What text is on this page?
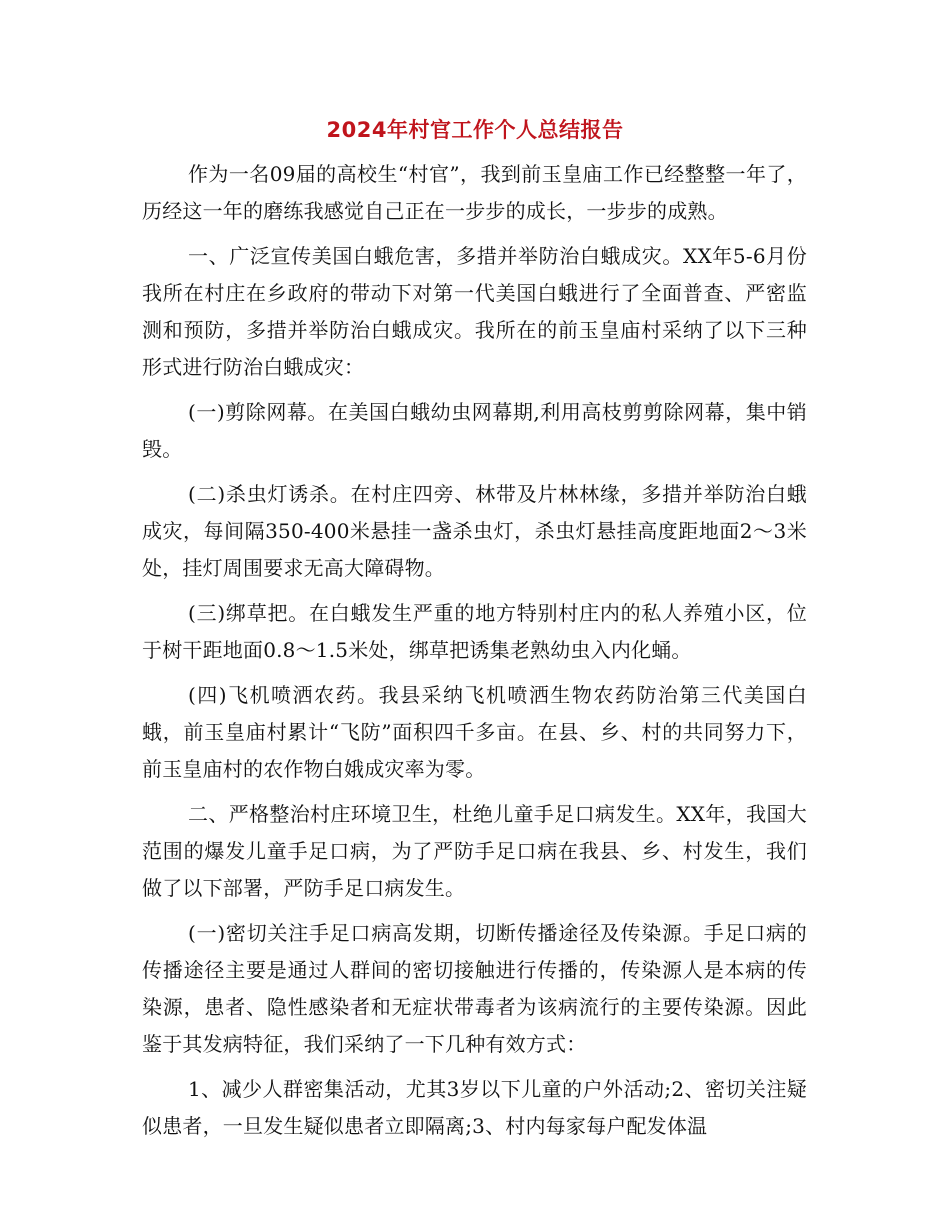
2024年村官工作个人总结报告

作为一名09届的高校生“村官”，我到前玉皇庙工作已经整整一年了，历经这一年的磨练我感觉自己正在一步步的成长，一步步的成熟。

一、广泛宣传美国白蛾危害，多措并举防治白蛾成灾。XX年5-6月份我所在村庄在乡政府的带动下对第一代美国白蛾进行了全面普查、严密监测和预防，多措并举防治白蛾成灾。我所在的前玉皇庙村采纳了以下三种形式进行防治白蛾成灾：

(一)剪除网幕。在美国白蛾幼虫网幕期,利用高枝剪剪除网幕，集中销毁。

(二)杀虫灯诱杀。在村庄四旁、林带及片林林缘，多措并举防治白蛾成灾，每间隔350-400米悬挂一盏杀虫灯，杀虫灯悬挂高度距地面2～3米处，挂灯周围要求无高大障碍物。

(三)绑草把。在白蛾发生严重的地方特别村庄内的私人养殖小区，位于树干距地面0.8～1.5米处，绑草把诱集老熟幼虫入内化蛹。

(四)飞机喷洒农药。我县采纳飞机喷洒生物农药防治第三代美国白蛾，前玉皇庙村累计“飞防”面积四千多亩。在县、乡、村的共同努力下，前玉皇庙村的农作物白娥成灾率为零。

二、严格整治村庄环境卫生，杜绝儿童手足口病发生。XX年，我国大范围的爆发儿童手足口病，为了严防手足口病在我县、乡、村发生，我们做了以下部署，严防手足口病发生。

(一)密切关注手足口病高发期，切断传播途径及传染源。手足口病的传播途径主要是通过人群间的密切接触进行传播的，传染源人是本病的传染源，患者、隐性感染者和无症状带毒者为该病流行的主要传染源。因此鉴于其发病特征，我们采纳了一下几种有效方式：

1、减少人群密集活动，尤其3岁以下儿童的户外活动;2、密切关注疑似患者，一旦发生疑似患者立即隔离;3、村内每家每户配发体温
